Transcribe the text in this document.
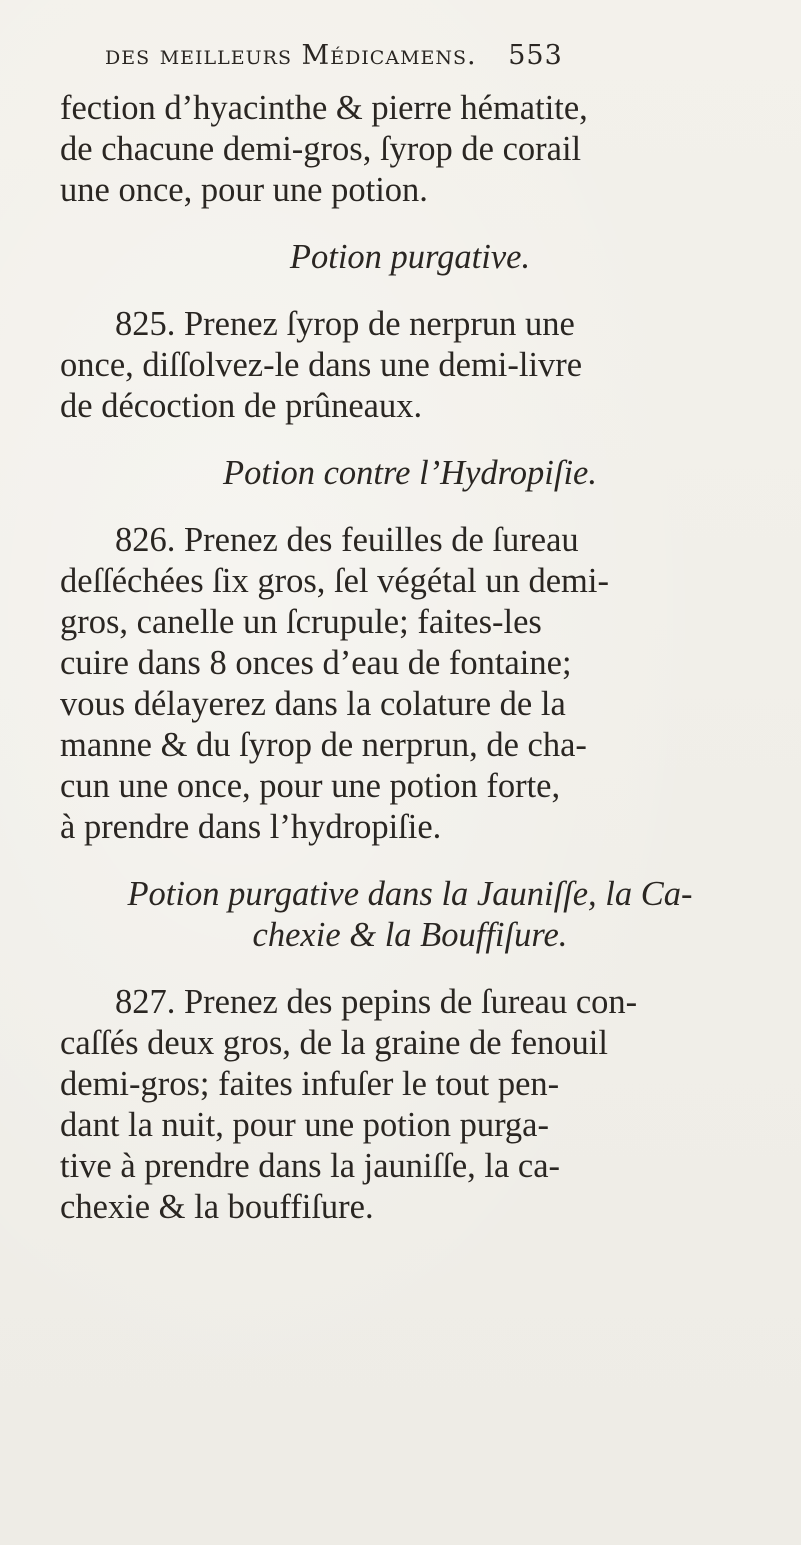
des meilleurs Médicamens. 553
fection d’hyacinthe & pierre hématite,
de chacune demi-gros, ſyrop de corail
une once, pour une potion.
Potion purgative.
825. Prenez ſyrop de nerprun une
once, diſſolvez-le dans une demi-livre
de décoction de prûneaux.
Potion contre l’Hydropiſie.
826. Prenez des feuilles de ſureau
deſſéchées ſix gros, ſel végétal un demi-
gros, canelle un ſcrupule; faites-les
cuire dans 8 onces d’eau de fontaine;
vous délayerez dans la colature de la
manne & du ſyrop de nerprun, de cha-
cun une once, pour une potion forte,
à prendre dans l’hydropiſie.
Potion purgative dans la Jauniſſe, la Ca-
chexie & la Bouffiſure.
827. Prenez des pepins de ſureau con-
caſſés deux gros, de la graine de fenouil
demi-gros; faites infuſer le tout pen-
dant la nuit, pour une potion purga-
tive à prendre dans la jauniſſe, la ca-
chexie & la bouffiſure.
